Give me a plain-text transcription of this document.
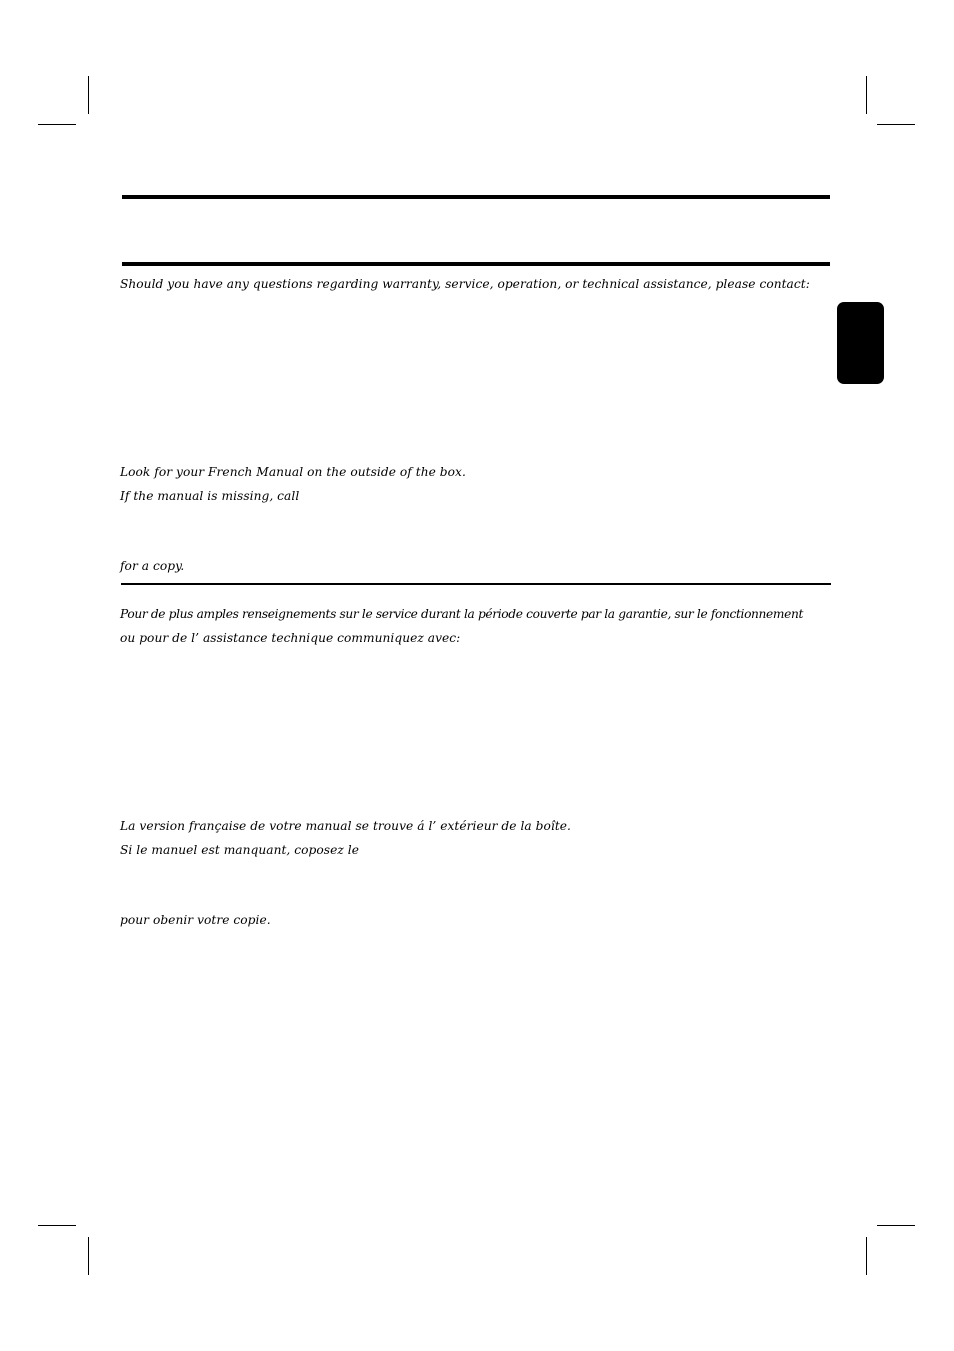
Should you have any questions regarding warranty, service, operation, or technical assistance, please contact:
Look for your French Manual on the outside of the box.
If the manual is missing, call
for a copy.
Pour de plus amples renseignements sur le service durant la période couverte par la garantie, sur le fonctionnement
ou pour de l’ assistance technique communiquez avec:
La version française de votre manual se trouve á l’ extérieur de la boîte.
Si le manuel est manquant, coposez le
pour obenir votre copie.
